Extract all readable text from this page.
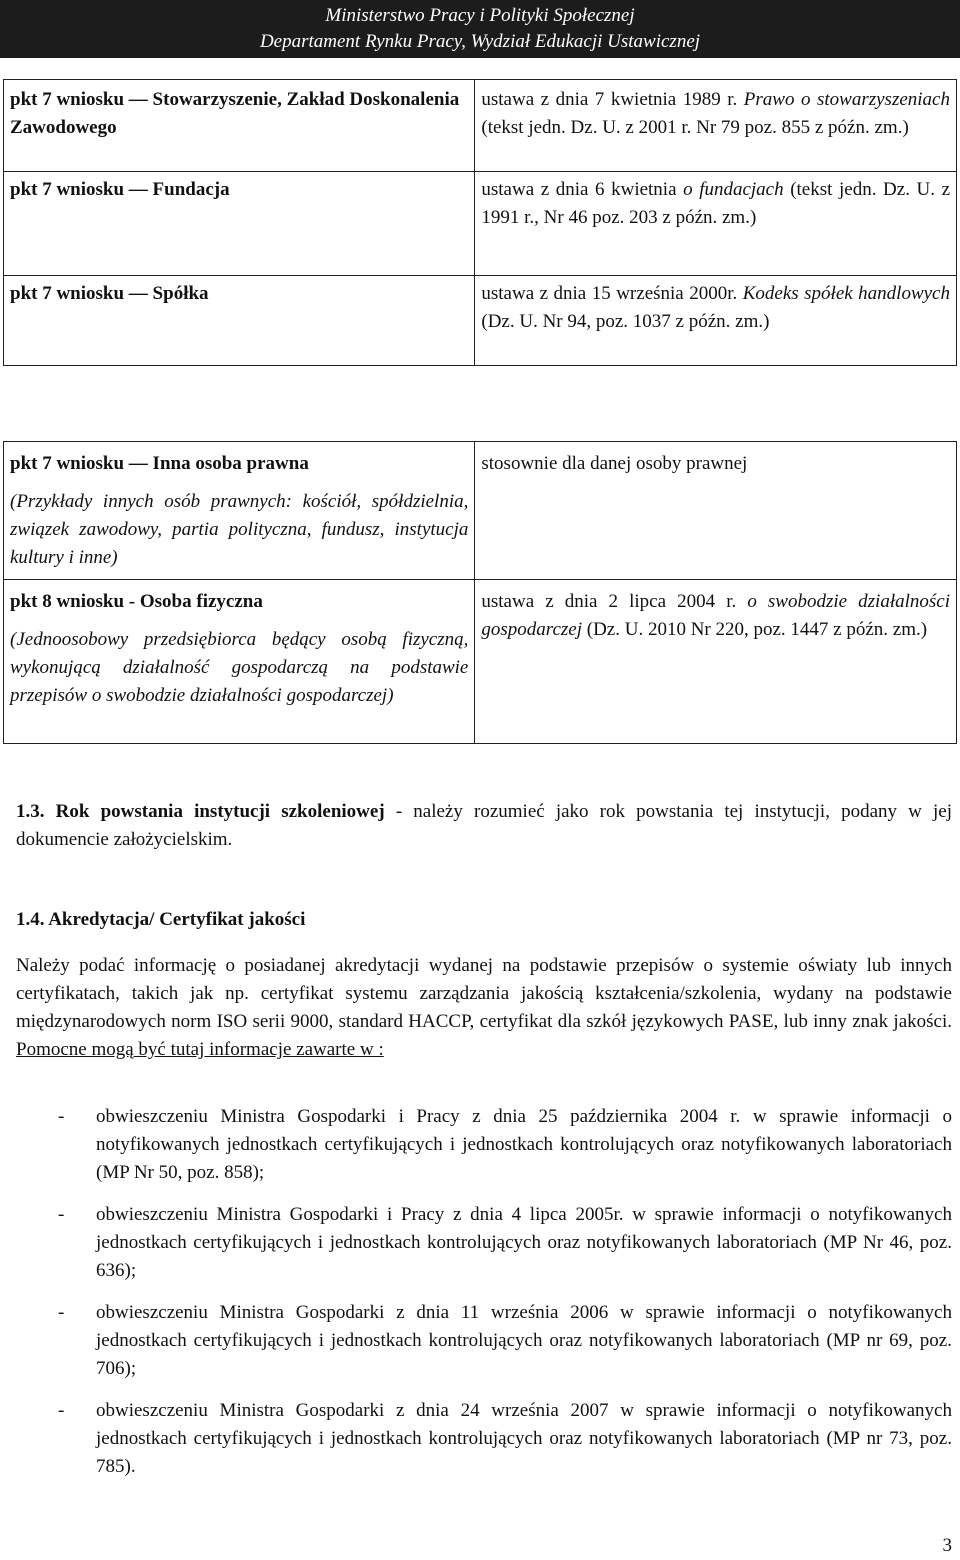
Ministerstwo Pracy i Polityki Społecznej
Departament Rynku Pracy, Wydział Edukacji Ustawicznej
pkt 7 wniosku — Stowarzyszenie, Zakład Doskonalenia Zawodowego	ustawa z dnia 7 kwietnia 1989 r. Prawo o stowarzyszeniach (tekst jedn. Dz. U. z 2001 r. Nr 79 poz. 855 z późn. zm.)
pkt 7 wniosku — Fundacja	ustawa z dnia 6 kwietnia o fundacjach (tekst jedn. Dz. U. z 1991 r., Nr 46 poz. 203 z późn. zm.)
pkt 7 wniosku — Spółka	ustawa z dnia 15 września 2000r. Kodeks spółek handlowych (Dz. U. Nr 94, poz. 1037 z późn. zm.)

pkt 7 wniosku — Inna osoba prawna

(Przykłady innych osób prawnych: kościół, spółdzielnia, związek zawodowy, partia polityczna, fundusz, instytucja kultury i inne)	stosownie dla danej osoby prawnej

pkt 8 wniosku - Osoba fizyczna

(Jednoosobowy przedsiębiorca będący osobą fizyczną, wykonującą działalność gospodarczą na podstawie przepisów o swobodzie działalności gospodarczej)	ustawa z dnia 2 lipca 2004 r. o swobodzie działalności gospodarczej (Dz. U. 2010 Nr 220, poz. 1447 z późn. zm.)
1.3. Rok powstania instytucji szkoleniowej - należy rozumieć jako rok powstania tej instytucji, podany w jej dokumencie założycielskim.

1.4. Akredytacja/ Certyfikat jakości

Należy podać informację o posiadanej akredytacji wydanej na podstawie przepisów o systemie oświaty lub innych certyfikatach, takich jak np. certyfikat systemu zarządzania jakością kształcenia/szkolenia, wydany na podstawie międzynarodowych norm ISO serii 9000, standard HACCP, certyfikat dla szkół językowych PASE, lub inny znak jakości. Pomocne mogą być tutaj informacje zawarte w :

- obwieszczeniu Ministra Gospodarki i Pracy z dnia 25 października 2004 r. w sprawie informacji o notyfikowanych jednostkach certyfikujących i jednostkach kontrolujących oraz notyfikowanych laboratoriach (MP Nr 50, poz. 858);
- obwieszczeniu Ministra Gospodarki i Pracy z dnia 4 lipca 2005r. w sprawie informacji o notyfikowanych jednostkach certyfikujących i jednostkach kontrolujących oraz notyfikowanych laboratoriach (MP Nr 46, poz. 636);
- obwieszczeniu Ministra Gospodarki z dnia 11 września 2006 w sprawie informacji o notyfikowanych jednostkach certyfikujących i jednostkach kontrolujących oraz notyfikowanych laboratoriach (MP nr 69, poz. 706);
- obwieszczeniu Ministra Gospodarki z dnia 24 września 2007 w sprawie informacji o notyfikowanych jednostkach certyfikujących i jednostkach kontrolujących oraz notyfikowanych laboratoriach (MP nr 73, poz. 785).
3
